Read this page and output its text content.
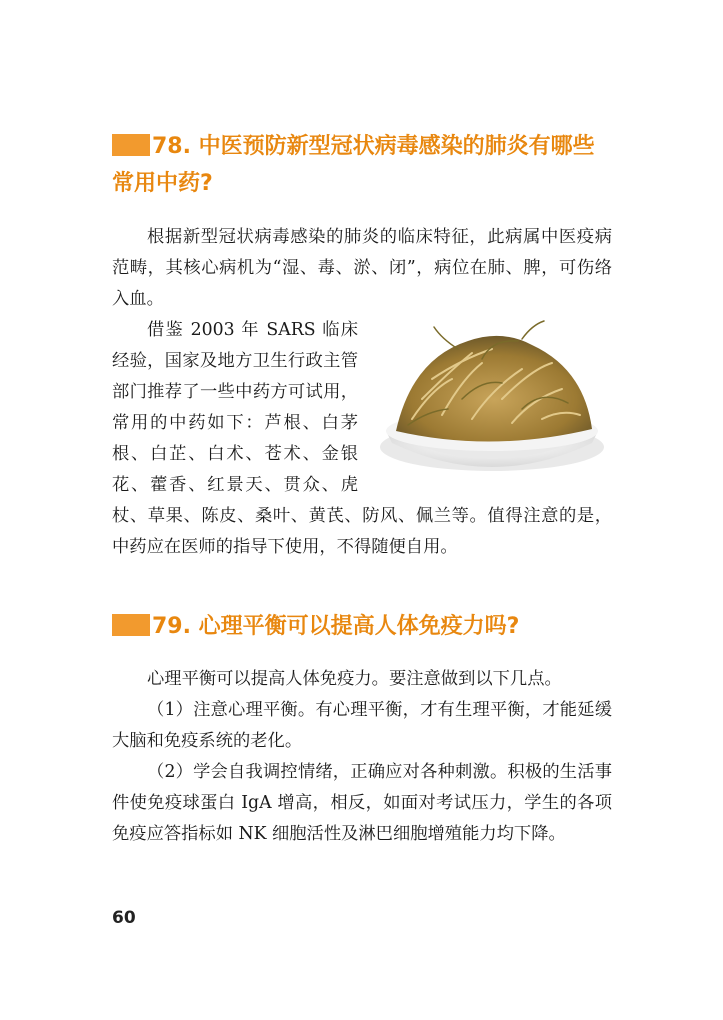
78. 中医预防新型冠状病毒感染的肺炎有哪些常用中药?

根据新型冠状病毒感染的肺炎的临床特征，此病属中医疫病范畴，其核心病机为“湿、毒、淤、闭”，病位在肺、脾，可伤络入血。

借鉴 2003 年 SARS 临床经验，国家及地方卫生行政主管部门推荐了一些中药方可试用，常用的中药如下：芦根、白茅根、白芷、白术、苍术、金银花、藿香、红景天、贯众、虎杖、草果、陈皮、桑叶、黄芪、防风、佩兰等。值得注意的是，中药应在医师的指导下使用，不得随便自用。

79. 心理平衡可以提高人体免疫力吗?

心理平衡可以提高人体免疫力。要注意做到以下几点。

（1）注意心理平衡。有心理平衡，才有生理平衡，才能延缓大脑和免疫系统的老化。

（2）学会自我调控情绪，正确应对各种刺激。积极的生活事件使免疫球蛋白 IgA 增高，相反，如面对考试压力，学生的各项免疫应答指标如 NK 细胞活性及淋巴细胞增殖能力均下降。

60
